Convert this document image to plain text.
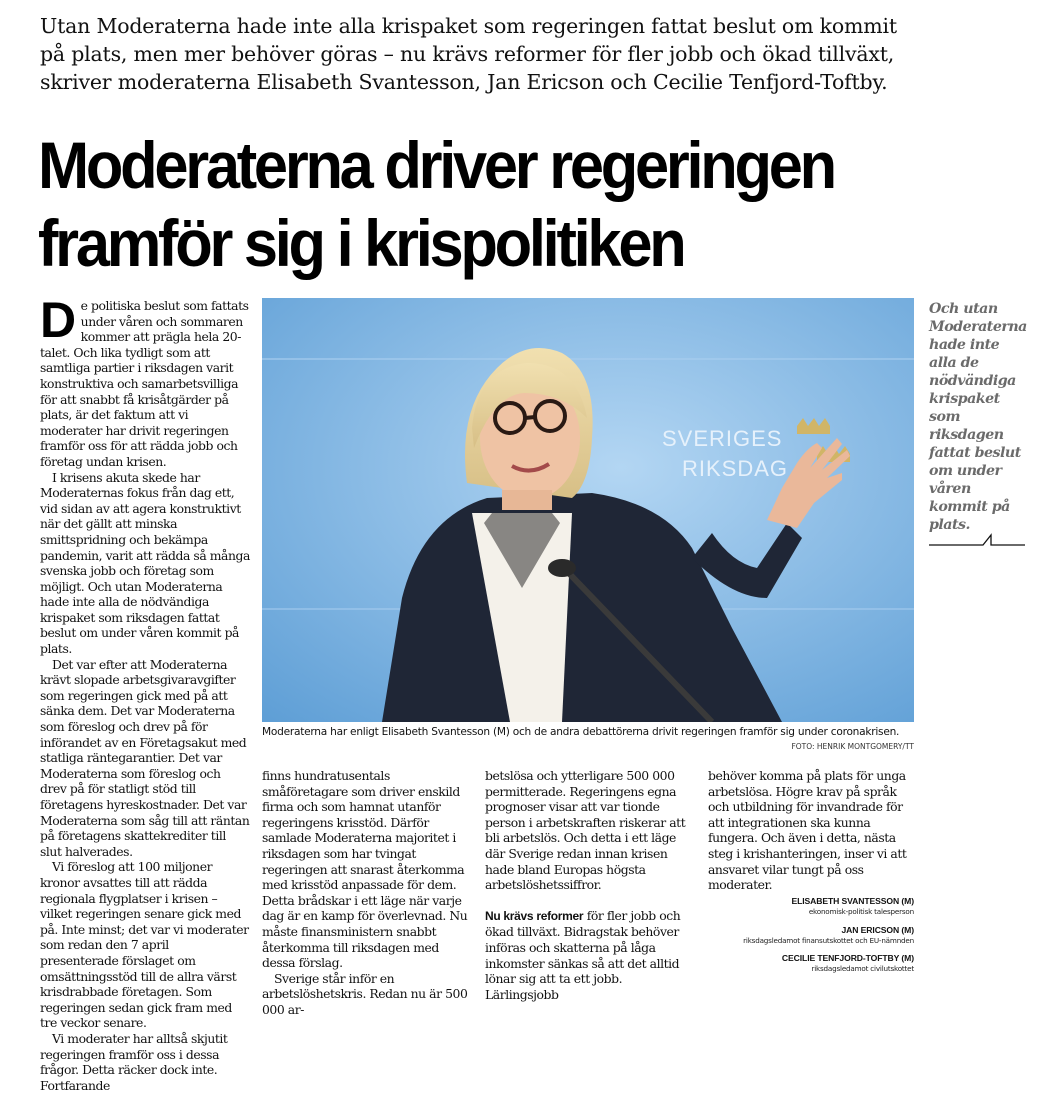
Utan Moderaterna hade inte alla krispaket som regeringen fattat beslut om kommit på plats, men mer behöver göras – nu krävs reformer för fler jobb och ökad tillväxt, skriver moderaterna Elisabeth Svantesson, Jan Ericson och Cecilie Tenfjord-Toftby.

Moderaterna driver regeringen framför sig i krispolitiken
D e politiska beslut som fattats under våren och sommaren kommer att prägla hela 20-talet. Och lika tydligt som att samtliga partier i riksdagen varit konstruktiva och samarbetsvilliga för att snabbt få krisåtgärder på plats, är det faktum att vi moderater har drivit regeringen framför oss för att rädda jobb och företag undan krisen.

I krisens akuta skede har Moderaternas fokus från dag ett, vid sidan av att agera konstruktivt när det gällt att minska smittspridning och bekämpa pandemin, varit att rädda så många svenska jobb och företag som möjligt. Och utan Moderaterna hade inte alla de nödvändiga krispaket som riksdagen fattat beslut om under våren kommit på plats.

Det var efter att Moderaterna krävt slopade arbetsgivaravgifter som regeringen gick med på att sänka dem. Det var Moderaterna som föreslog och drev på för införandet av en Företagsakut med statliga räntegarantier. Det var Moderaterna som föreslog och drev på för statligt stöd till företagens hyreskostnader. Det var Moderaterna som såg till att räntan på företagens skattekrediter till slut halverades.

Vi föreslog att 100 miljoner kronor avsattes till att rädda regionala flygplatser i krisen – vilket regeringen senare gick med på. Inte minst; det var vi moderater som redan den 7 april presenterade förslaget om omsättningsstöd till de allra värst krisdrabbade företagen. Som regeringen sedan gick fram med tre veckor senare.

Vi moderater har alltså skjutit regeringen framför oss i dessa frågor. Detta räcker dock inte. Fortfarande

SVERIGES
RIKSDAG

Moderaterna har enligt Elisabeth Svantesson (M) och de andra debattörerna drivit regeringen framför sig under coronakrisen.

FOTO: HENRIK MONTGOMERY/TT

Och utan Moderaterna hade inte alla de nödvändiga krispaket som riksdagen fattat beslut om under våren kommit på plats.

finns hundratusentals småföretagare som driver enskild firma och som hamnat utanför regeringens krisstöd. Därför samlade Moderaterna majoritet i riksdagen som har tvingat regeringen att snarast återkomma med krisstöd anpassade för dem. Detta brådskar i ett läge när varje dag är en kamp för överlevnad. Nu måste finansministern snabbt återkomma till riksdagen med dessa förslag.

Sverige står inför en arbetslöshetskris. Redan nu är 500 000 ar-

betslösa och ytterligare 500 000 permitterade. Regeringens egna prognoser visar att var tionde person i arbetskraften riskerar att bli arbetslös. Och detta i ett läge där Sverige redan innan krisen hade bland Europas högsta arbetslöshetssiffror.

Nu krävs reformer för fler jobb och ökad tillväxt. Bidragstak behöver införas och skatterna på låga inkomster sänkas så att det alltid lönar sig att ta ett jobb. Lärlingsjobb

behöver komma på plats för unga arbetslösa. Högre krav på språk och utbildning för invandrade för att integrationen ska kunna fungera. Och även i detta, nästa steg i krishanteringen, inser vi att ansvaret vilar tungt på oss moderater.

ELISABETH SVANTESSON (M)
ekonomisk-politisk talesperson
JAN ERICSON (M)
riksdagsledamot finansutskottet och EU-nämnden
CECILIE TENFJORD-TOFTBY (M)
riksdagsledamot civilutskottet
